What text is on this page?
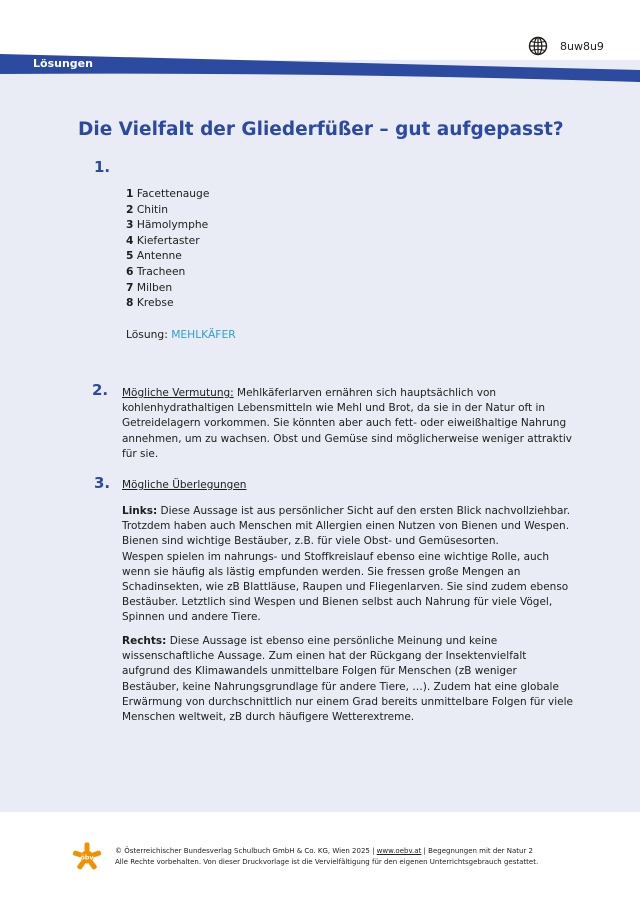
Lösungen
8uw8u9
Die Vielfalt der Gliederfüßer – gut aufgepasst?
1.
1 Facettenauge
2 Chitin
3 Hämolymphe
4 Kiefertaster
5 Antenne
6 Tracheen
7 Milben
8 Krebse
Lösung: MEHLKÄFER
2. Mögliche Vermutung: Mehlkäferlarven ernähren sich hauptsächlich von kohlenhydrathaltigen Lebensmitteln wie Mehl und Brot, da sie in der Natur oft in Getreidelagern vorkommen. Sie könnten aber auch fett- oder eiweißhaltige Nahrung annehmen, um zu wachsen. Obst und Gemüse sind möglicherweise weniger attraktiv für sie.
3. Mögliche Überlegungen
Links: Diese Aussage ist aus persönlicher Sicht auf den ersten Blick nachvollziehbar. Trotzdem haben auch Menschen mit Allergien einen Nutzen von Bienen und Wespen. Bienen sind wichtige Bestäuber, z.B. für viele Obst- und Gemüsesorten.
Wespen spielen im nahrungs- und Stoffkreislauf ebenso eine wichtige Rolle, auch wenn sie häufig als lästig empfunden werden. Sie fressen große Mengen an Schadinsekten, wie zB Blattläuse, Raupen und Fliegenlarven. Sie sind zudem ebenso Bestäuber. Letztlich sind Wespen und Bienen selbst auch Nahrung für viele Vögel, Spinnen und andere Tiere.
Rechts: Diese Aussage ist ebenso eine persönliche Meinung und keine wissenschaftliche Aussage. Zum einen hat der Rückgang der Insektenvielfalt aufgrund des Klimawandels unmittelbare Folgen für Menschen (zB weniger Bestäuber, keine Nahrungsgrundlage für andere Tiere, …). Zudem hat eine globale Erwärmung von durchschnittlich nur einem Grad bereits unmittelbare Folgen für viele Menschen weltweit, zB durch häufigere Wetterextreme.
öbv
© Österreichischer Bundesverlag Schulbuch GmbH & Co. KG, Wien 2025 | www.oebv.at | Begegnungen mit der Natur 2
Alle Rechte vorbehalten. Von dieser Druckvorlage ist die Vervielfältigung für den eigenen Unterrichtsgebrauch gestattet.
